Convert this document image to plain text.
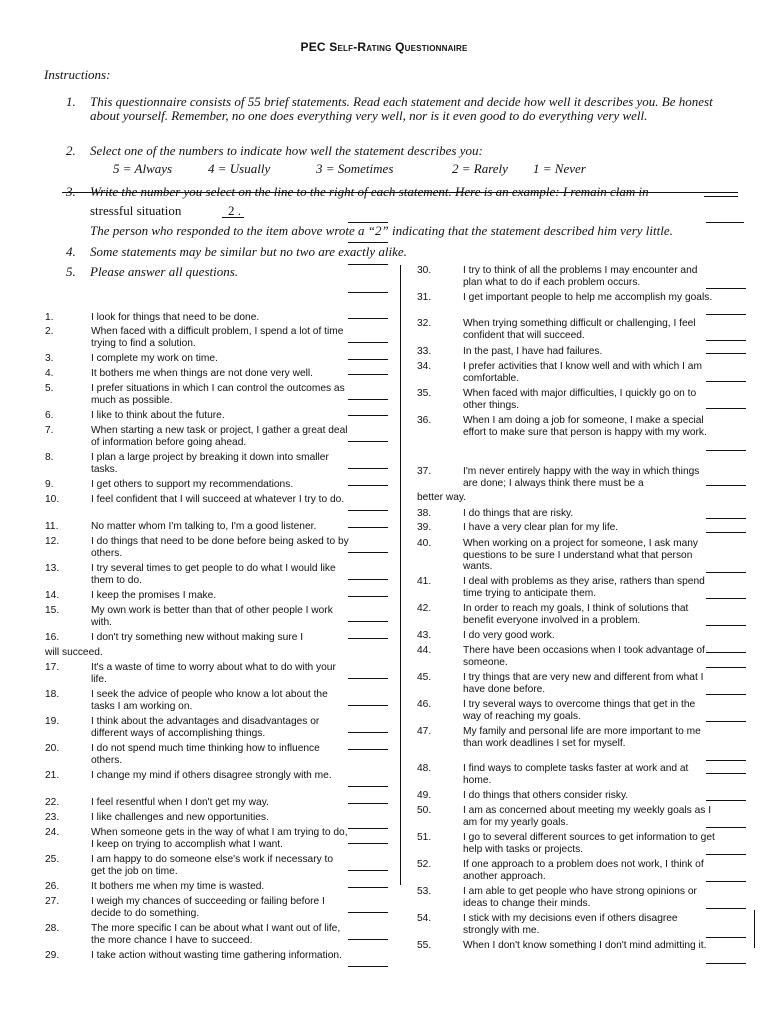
PEC Self-Rating Questionnaire
Instructions:
1.	This questionnaire consists of 55 brief statements. Read each statement and decide how well it describes you. Be honest about yourself. Remember, no one does everything very well, nor is it even good to do everything very well.
2.	Select one of the numbers to indicate how well the statement describes you:
5 = Always	4 = Usually	3 = Sometimes	2 = Rarely 1 = Never
3.	Write the number you select on the line to the right of each statement. Here is an example: I remain clam in
stressful situation	2 .
The person who responded to the item above wrote a “2” indicating that the statement described him very little.
4.	Some statements may be similar but no two are exactly alike.
5.	Please answer all questions.
1.	I look for things that need to be done.
2.	When faced with a difficult problem, I spend a lot of time trying to find a solution.
3.	I complete my work on time.
4.	It bothers me when things are not done very well.
5.	I prefer situations in which I can control the outcomes as much as possible.
6.	I like to think about the future.
7.	When starting a new task or project, I gather a great deal of information before going ahead.
8.	I plan a large project by breaking it down into smaller tasks.
9.	I get others to support my recommendations.
10.	I feel confident that I will succeed at whatever I try to do.
11.	No matter whom I'm talking to, I'm a good listener.
12.	I do things that need to be done before being asked to by others.
13.	I try several times to get people to do what I would like them to do.
14.	I keep the promises I make.
15.	My own work is better than that of other people I work with.
16.	I don't try something new without making sure I
will succeed.
17.	It's a waste of time to worry about what to do with your life.
18.	I seek the advice of people who know a lot about the tasks I am working on.
19.	I think about the advantages and disadvantages or different ways of accomplishing things.
20.	I do not spend much time thinking how to influence others.
21.	I change my mind if others disagree strongly with me.
22.	I feel resentful when I don't get my way.
23.	I like challenges and new opportunities.
24.	When someone gets in the way of what I am trying to do, I keep on trying to accomplish what I want.
25.	I am happy to do someone else's work if necessary to get the job on time.
26.	It bothers me when my time is wasted.
27.	I weigh my chances of succeeding or failing before I decide to do something.
28.	The more specific I can be about what I want out of life, the more chance I have to succeed.
29.	I take action without wasting time gathering information.
30.	I try to think of all the problems I may encounter and plan what to do if each problem occurs.
31.	I get important people to help me accomplish my goals.
32.	When trying something difficult or challenging, I feel confident that will succeed.
33.	In the past, I have had failures.
34.	I prefer activities that I know well and with which I am comfortable.
35.	When faced with major difficulties, I quickly go on to other things.
36.	When I am doing a job for someone, I make a special effort to make sure that person is happy with my work.
37.	I'm never entirely happy with the way in which things are done; I always think there must be a
better way.
38.	I do things that are risky.
39.	I have a very clear plan for my life.
40.	When working on a project for someone, I ask many questions to be sure I understand what that person wants.
41.	I deal with problems as they arise, rathers than spend time trying to anticipate them.
42.	In order to reach my goals, I think of solutions that benefit everyone involved in a problem.
43.	I do very good work.
44.	There have been occasions when I took advantage of someone.
45.	I try things that are very new and different from what I have done before.
46.	I try several ways to overcome things that get in the way of reaching my goals.
47.	My family and personal life are more important to me than work deadlines I set for myself.
48.	I find ways to complete tasks faster at work and at home.
49.	I do things that others consider risky.
50.	I am as concerned about meeting my weekly goals as I am for my yearly goals.
51.	I go to several different sources to get information to get help with tasks or projects.
52.	If one approach to a problem does not work, I think of another approach.
53.	I am able to get people who have strong opinions or ideas to change their minds.
54.	I stick with my decisions even if others disagree strongly with me.
55.	When I don't know something I don't mind admitting it.
